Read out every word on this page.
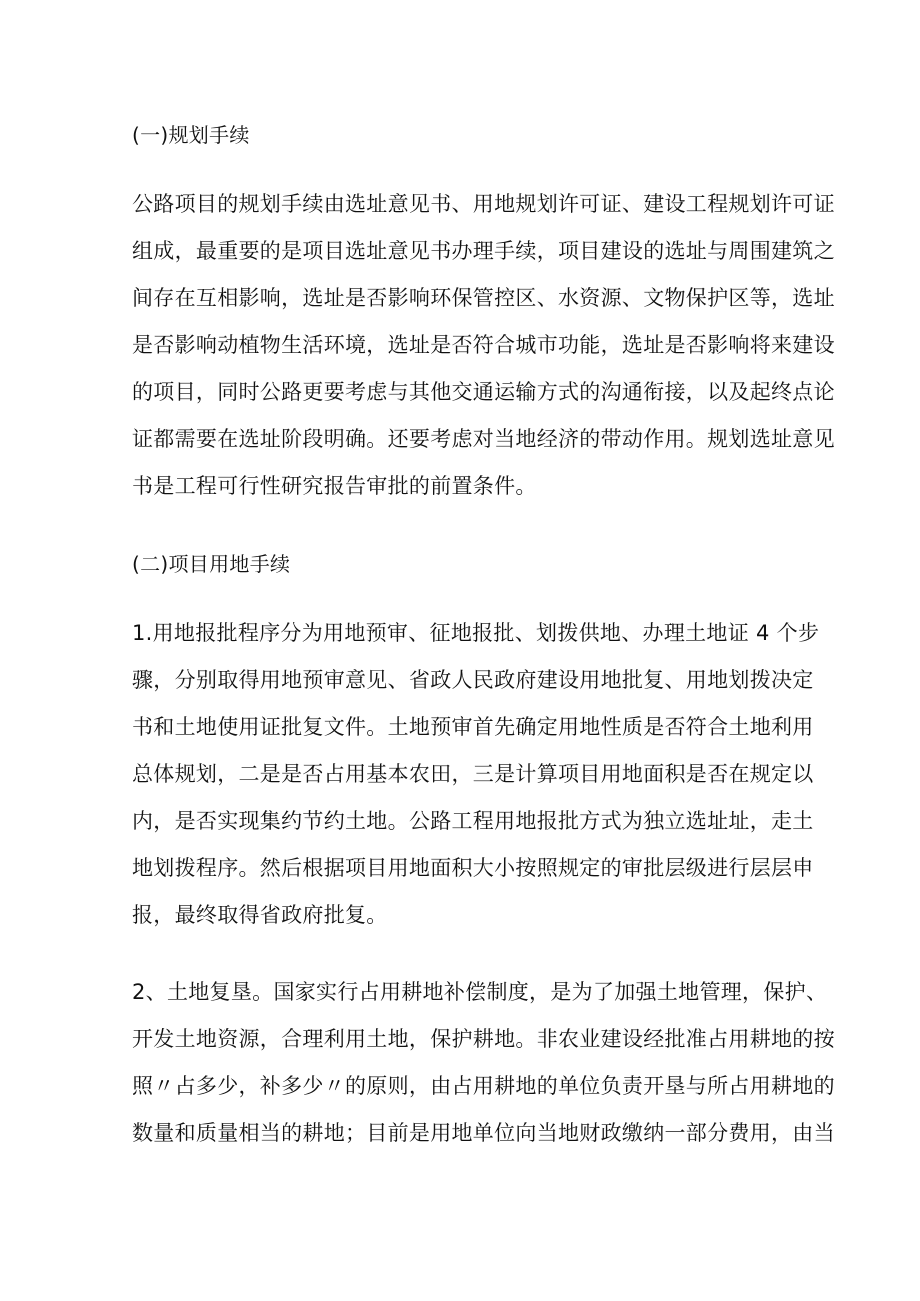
(一)规划手续
公路项目的规划手续由选址意见书、用地规划许可证、建设工程规划许可证
组成，最重要的是项目选址意见书办理手续，项目建设的选址与周围建筑之
间存在互相影响，选址是否影响环保管控区、水资源、文物保护区等，选址
是否影响动植物生活环境，选址是否符合城市功能，选址是否影响将来建设
的项目，同时公路更要考虑与其他交通运输方式的沟通衔接，以及起终点论
证都需要在选址阶段明确。还要考虑对当地经济的带动作用。规划选址意见
书是工程可行性研究报告审批的前置条件。
(二)项目用地手续
1.用地报批程序分为用地预审、征地报批、划拨供地、办理土地证 4 个步
骤，分别取得用地预审意见、省政人民政府建设用地批复、用地划拨决定
书和土地使用证批复文件。土地预审首先确定用地性质是否符合土地利用
总体规划，二是是否占用基本农田，三是计算项目用地面积是否在规定以
内，是否实现集约节约土地。公路工程用地报批方式为独立选址址，走土
地划拨程序。然后根据项目用地面积大小按照规定的审批层级进行层层申
报，最终取得省政府批复。
2、土地复垦。国家实行占用耕地补偿制度，是为了加强土地管理，保护、
开发土地资源，合理利用土地，保护耕地。非农业建设经批准占用耕地的按
照〃占多少，补多少〃的原则，由占用耕地的单位负责开垦与所占用耕地的
数量和质量相当的耕地；目前是用地单位向当地财政缴纳一部分费用，由当
